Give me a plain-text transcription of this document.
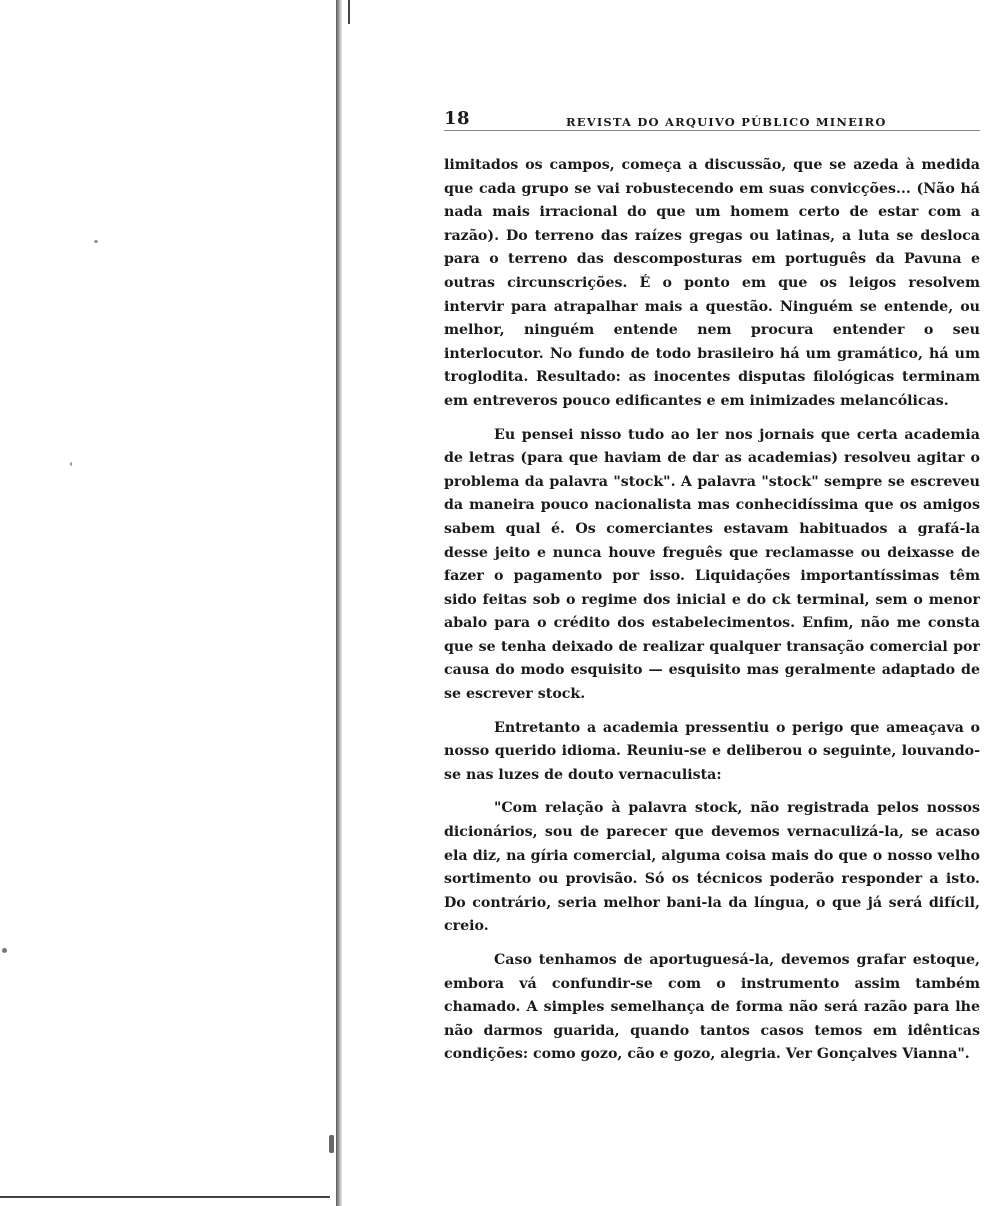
18	REVISTA DO ARQUIVO PÚBLICO MINEIRO

limitados os campos, começa a discussão, que se azeda à medida que cada grupo se vai robustecendo em suas convicções... (Não há nada mais irracional do que um homem certo de estar com a razão). Do terreno das raízes gregas ou latinas, a luta se desloca para o terreno das descomposturas em português da Pavuna e outras circunscrições. É o ponto em que os leigos resolvem intervir para atrapalhar mais a questão. Ninguém se entende, ou melhor, ninguém entende nem procura entender o seu interlocutor. No fundo de todo brasileiro há um gramático, há um troglodita. Resultado: as inocentes disputas filológicas terminam em entreveros pouco edificantes e em inimizades melancólicas.

Eu pensei nisso tudo ao ler nos jornais que certa academia de letras (para que haviam de dar as academias) resolveu agitar o problema da palavra "stock". A palavra "stock" sempre se escreveu da maneira pouco nacionalista mas conhecidíssima que os amigos sabem qual é. Os comerciantes estavam habituados a grafá-la desse jeito e nunca houve freguês que reclamasse ou deixasse de fazer o pagamento por isso. Liquidações importantíssimas têm sido feitas sob o regime dos inicial e do ck terminal, sem o menor abalo para o crédito dos estabelecimentos. Enfim, não me consta que se tenha deixado de realizar qualquer transação comercial por causa do modo esquisito — esquisito mas geralmente adaptado de se escrever stock.

Entretanto a academia pressentiu o perigo que ameaçava o nosso querido idioma. Reuniu-se e deliberou o seguinte, louvando-se nas luzes de douto vernaculista:

"Com relação à palavra stock, não registrada pelos nossos dicionários, sou de parecer que devemos vernaculizá-la, se acaso ela diz, na gíria comercial, alguma coisa mais do que o nosso velho sortimento ou provisão. Só os técnicos poderão responder a isto. Do contrário, seria melhor bani-la da língua, o que já será difícil, creio.

Caso tenhamos de aportuguesá-la, devemos grafar estoque, embora vá confundir-se com o instrumento assim também chamado. A simples semelhança de forma não será razão para lhe não darmos guarida, quando tantos casos temos em idênticas condições: como gozo, cão e gozo, alegria. Ver Gonçalves Vianna".
